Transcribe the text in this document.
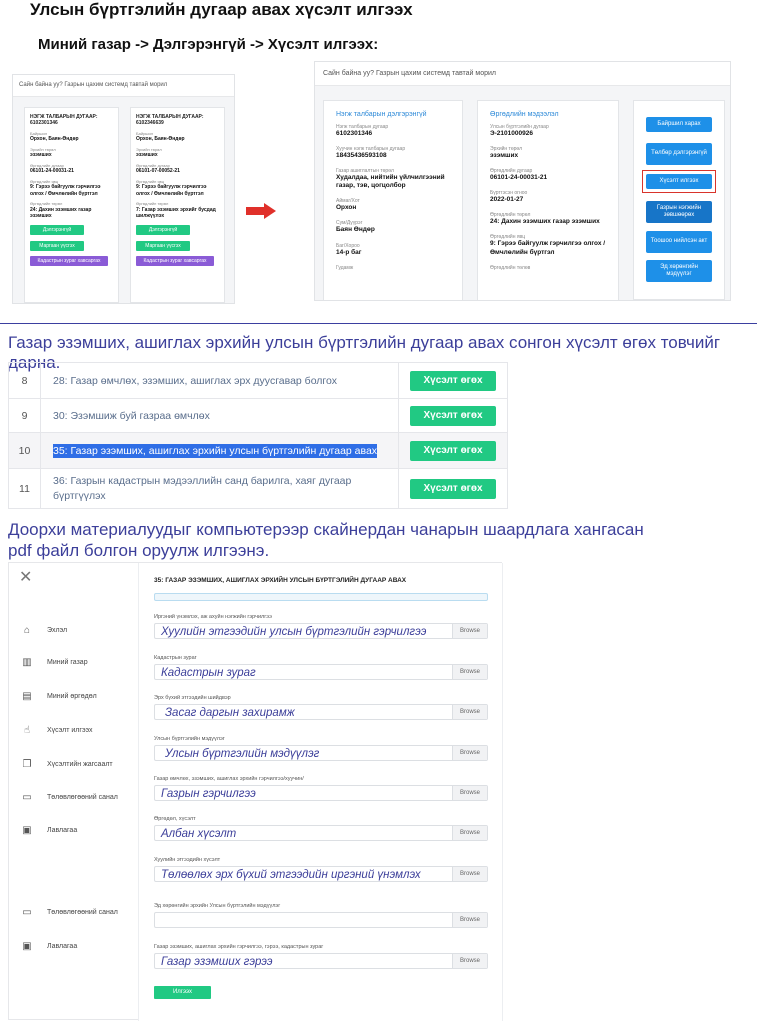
Улсын бүртгэлийн дугаар авах хүсэлт илгээх
Миний газар -> Дэлгэрэнгүй -> Хүсэлт илгээх:
Сайн байна уу? Газрын цахим системд тавтай морил
НЭГЖ ТАЛБАРЫН ДУГААР:
6102301346
Байршил
Орхон, Баян-Өндөр
Эрхийн төрөл
эзэмших
Өргөдлийн дугаар
06101-24-00031-21
Өргөдлийн явц
9: Гэрээ байгуулж гэрчилгээ олгох / Өмчлөлийн бүртгэл
Өргөдлийн төрөл
24: Дахин эзэмших газар эзэмших
Дэлгэрэнгүй
Маргаан үүсгэх
Кадастрын зураг хавсаргах
НЭГЖ ТАЛБАРЫН ДУГААР:
6102346639
Байршил
Орхон, Баян-Өндөр
Эрхийн төрөл
эзэмших
Өргөдлийн дугаар
06101-07-00052-21
Өргөдлийн явц
9: Гэрээ байгуулж гэрчилгээ олгох / Өмчлөлийн бүртгэл
Өргөдлийн төрөл
7: Газар эзэмших эрхийг бусдад шилжүүлэх
Дэлгэрэнгүй
Маргаан үүсгэх
Кадастрын зураг хавсаргах
Сайн байна уу? Газрын цахим системд тавтай морил
Нэгж талбарын дэлгэрэнгүй
Нэгж талбарын дугаар
6102301346
Хуучин нэгж талбарын дугаар
18435436593108
Газар ашиглалтын төрөл
Худалдаа, нийтийн үйлчилгээний газар, тэв, цогцолбор
Аймаг/Хот
Орхон
Сум/Дүүрэг
Баян Өндөр
Баг/Хороо
14-р баг
Гудамж
Өргөдлийн мэдээлэл
Улсын бүртгэлийн дугаар
Э-2101000926
Эрхийн төрөл
эзэмших
Өргөдлийн дугаар
06101-24-00031-21
Бүртгэсэн огноо
2022-01-27
Өргөдлийн төрөл
24: Дахин эзэмших газар эзэмших
Өргөдлийн явц
9: Гэрээ байгуулж гэрчилгээ олгох / Өмчлөлийн бүртгэл
Өргөдлийн төлөв
Байршил харах
Төлбөр дэлгэрэнгүй
Хүсэлт илгээх
Газрын нэгжийн зөвшөөрөх
Тоошоо нийлсэн акт
Эд хөрөнгийн мэдүүлэг
Газар эзэмших, ашиглах эрхийн улсын бүртгэлийн дугаар авах сонгон хүсэлт өгөх товчийг дарна.
8	28: Газар өмчлөх, эзэмших, ашиглах эрх дуусгавар болгох	Хүсэлт өгөх
9	30: Эзэмшиж буй газраа өмчлөх	Хүсэлт өгөх
10	35: Газар эзэмших, ашиглах эрхийн улсын бүртгэлийн дугаар авах	Хүсэлт өгөх
11	36: Газрын кадастрын мэдээллийн санд барилга, хаяг дугаар бүртгүүлэх	Хүсэлт өгөх
Доорхи материалуудыг компьютерээр скайнердан чанарын шаардлага хангасан
pdf файл болгон оруулж илгээнэ.
✕
⌂	Эхлэл
▥ Миний газар
▤ Миний өргөдөл
☝	Хүсэлт илгээх
❐ Хүсэлтийн жагсаалт
▭ Төлөвлөгөөний санал
▣ Лавлагаа
▭ Төлөвлөгөөний санал
▣ Лавлагаа
35: ГАЗАР ЭЗЭМШИХ, АШИГЛАХ ЭРХИЙН УЛСЫН БҮРТГЭЛИЙН ДУГААР АВАХ
Иргэний үнэмлэх, аж ахуйн нэгжийн гэрчилгээ
Хуулийн этгээдийн улсын бүртгэлийн гэрчилгээ	Browse
Кадастрын зураг
Кадастрын зураг	Browse
Эрх бүхий этгээдийн шийдвэр
Засаг даргын захирамж	Browse
Улсын бүртгэлийн мэдүүлэг
Улсын бүртгэлийн мэдүүлэг	Browse
Газар өмчлөх, эзэмших, ашиглах эрхийн гэрчилгээ/хуучин/
Газрын гэрчилгээ	Browse
Өргөдөл, хүсэлт
Албан хүсэлт	Browse
Хуулийн этгээдийн хүсэлт
Төлөөлөх эрх бүхий этгээдийн иргэний үнэмлэх	Browse
Эд хөрөнгийн эрхийн Улсын бүртгэлийн мэдүүлэг
Browse
Газар эзэмших, ашиглах эрхийн гэрчилгээ, гэрээ, кадастрын зураг
Газар эзэмших гэрээ	Browse
Илгээх
